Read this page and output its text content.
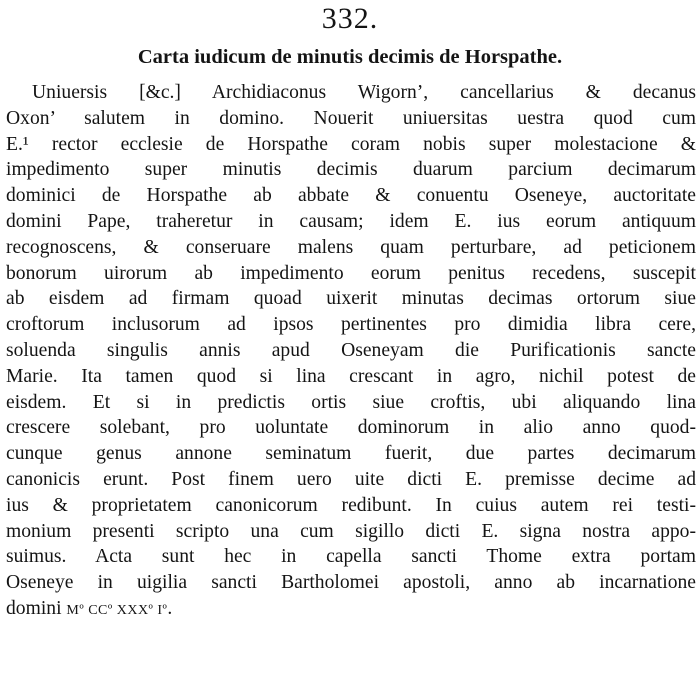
332.
Carta iudicum de minutis decimis de Horspathe.
Uniuersis [&c.] Archidiaconus Wigorn’, cancellarius & decanus
Oxon’ salutem in domino. Nouerit uniuersitas uestra quod cum
E.¹ rector ecclesie de Horspathe coram nobis super molestacione &
impedimento super minutis decimis duarum parcium decimarum
dominici de Horspathe ab abbate & conuentu Oseneye, auctoritate
domini Pape, traheretur in causam; idem E. ius eorum antiquum
recognoscens, & conseruare malens quam perturbare, ad peticionem
bonorum uirorum ab impedimento eorum penitus recedens, suscepit
ab eisdem ad firmam quoad uixerit minutas decimas ortorum siue
croftorum inclusorum ad ipsos pertinentes pro dimidia libra cere,
soluenda singulis annis apud Oseneyam die Purificationis sancte
Marie. Ita tamen quod si lina crescant in agro, nichil potest de
eisdem. Et si in predictis ortis siue croftis, ubi aliquando lina
crescere solebant, pro uoluntate dominorum in alio anno quod-
cunque genus annone seminatum fuerit, due partes decimarum
canonicis erunt. Post finem uero uite dicti E. premisse decime ad
ius & proprietatem canonicorum redibunt. In cuius autem rei testi-
monium presenti scripto una cum sigillo dicti E. signa nostra appo-
suimus. Acta sunt hec in capella sancti Thome extra portam
Oseneye in uigilia sancti Bartholomei apostoli, anno ab incarnatione
domini Mº CCº XXXº Iº.
